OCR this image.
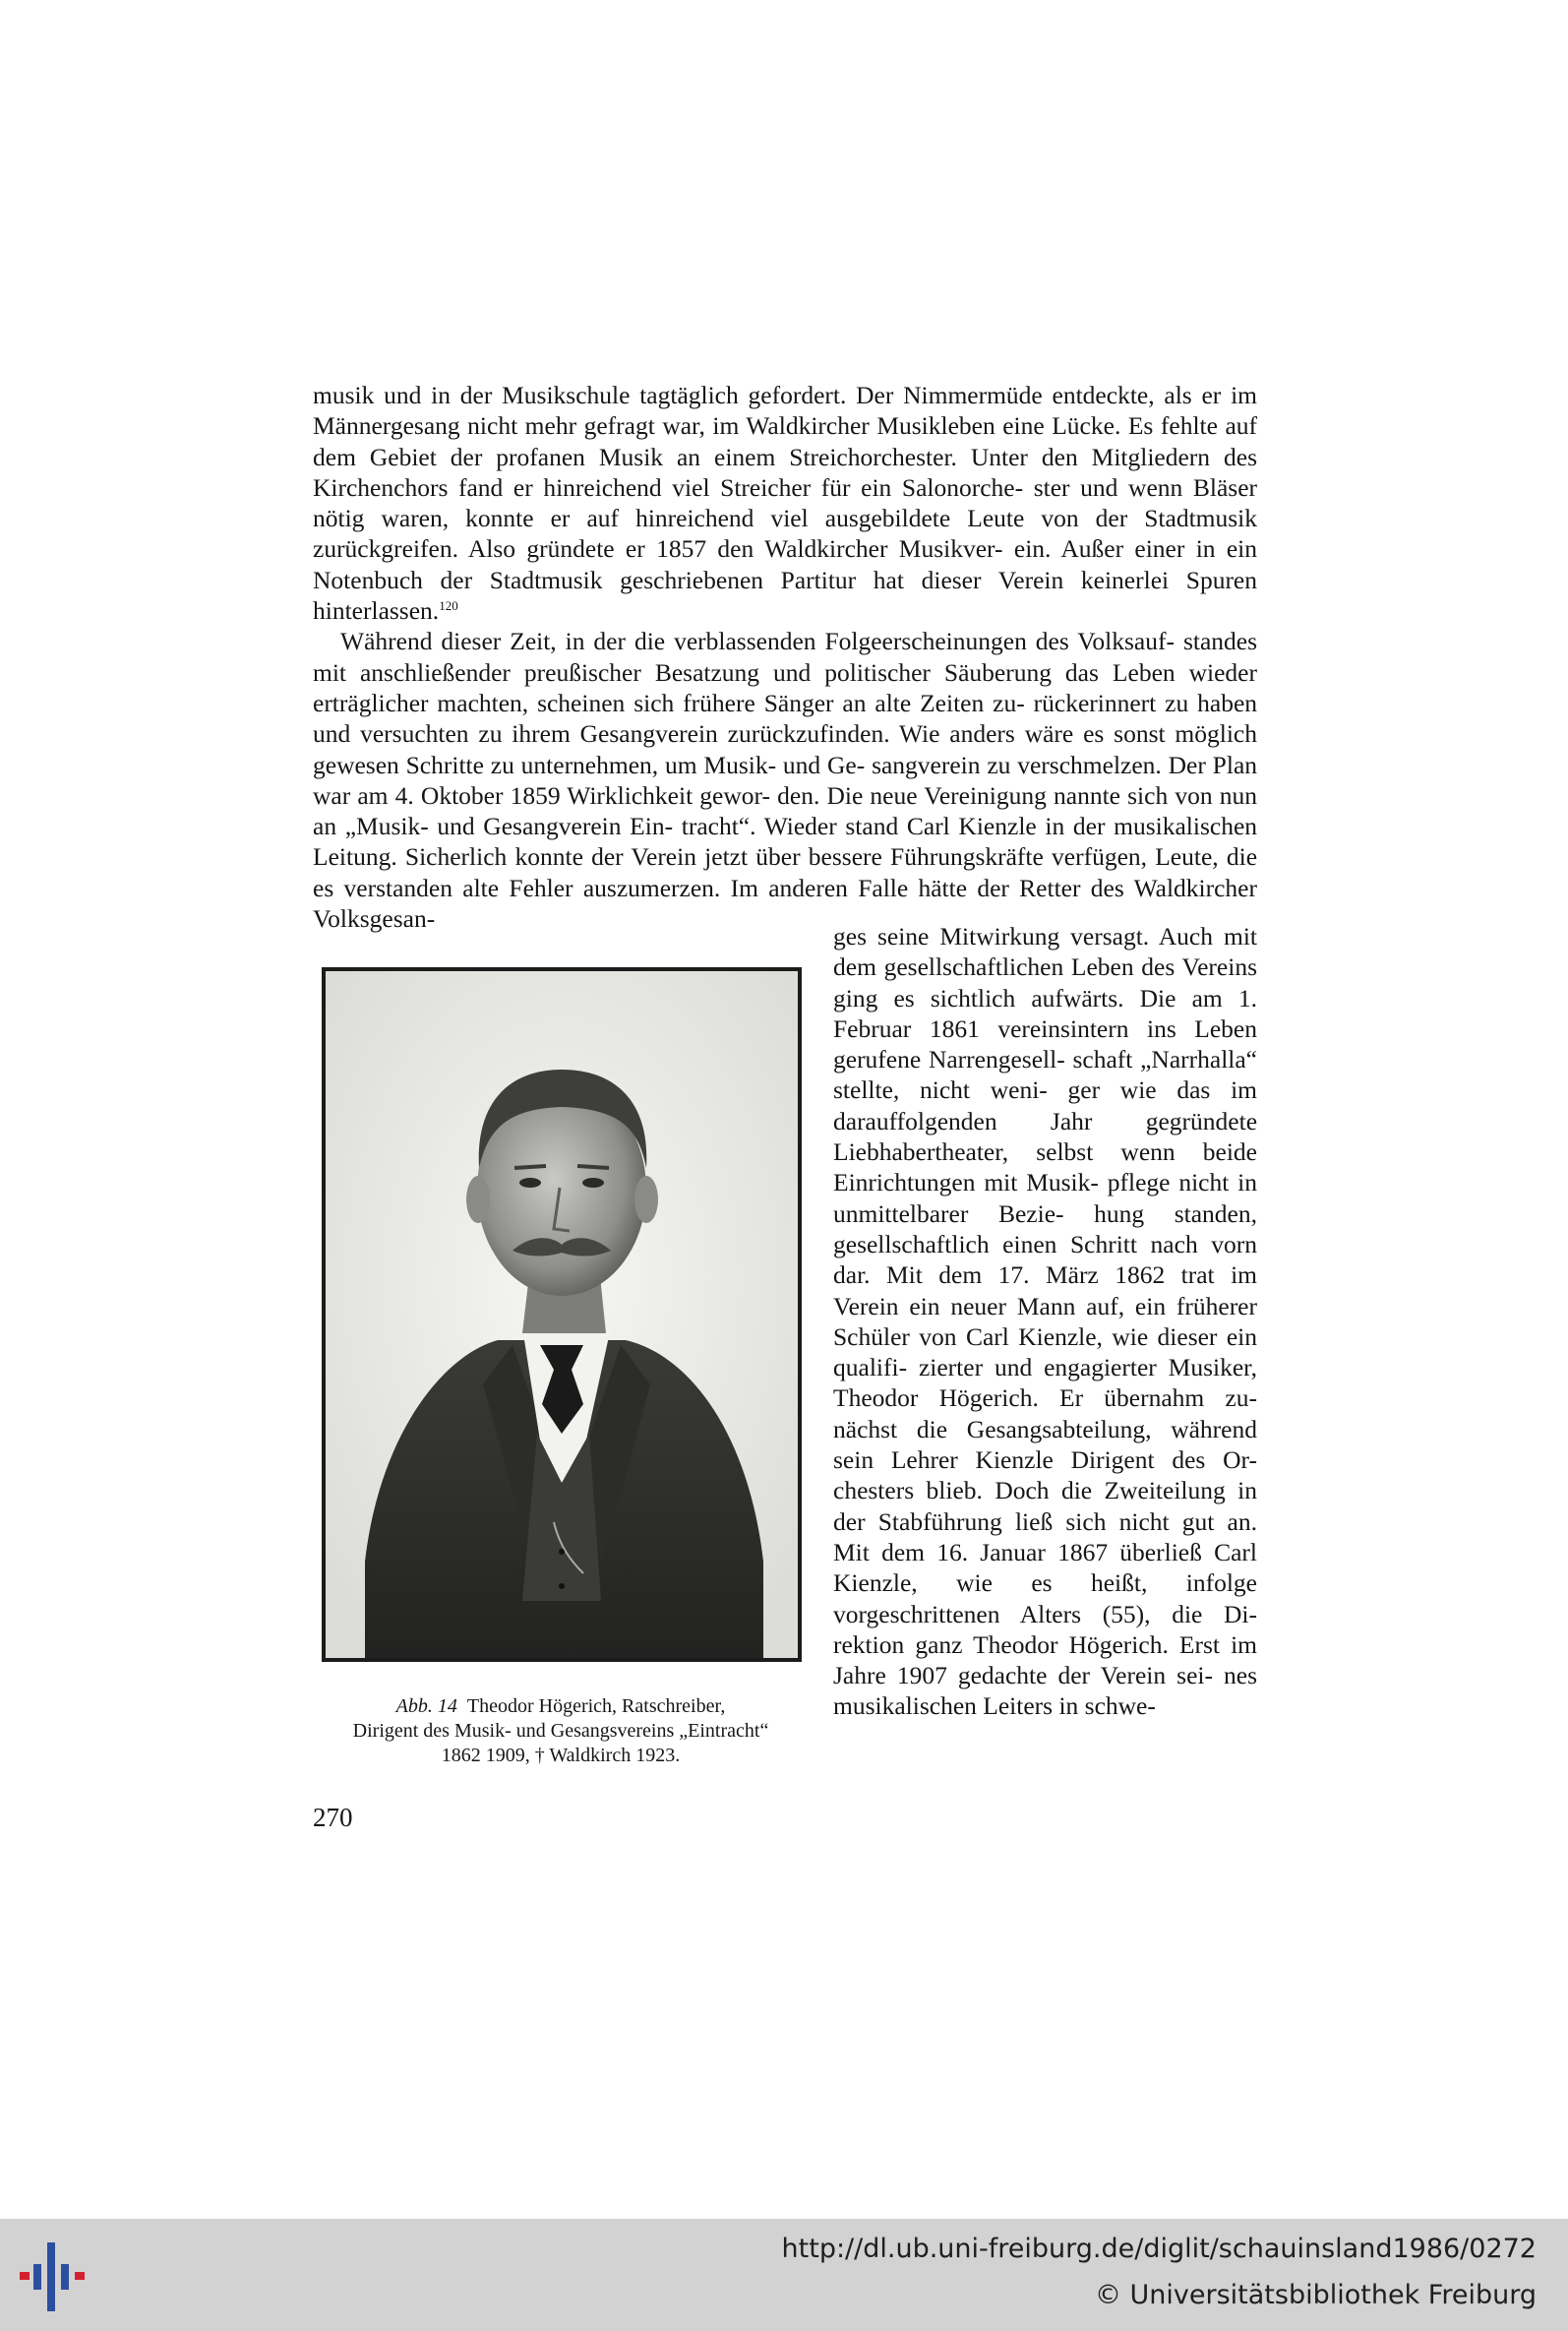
musik und in der Musikschule tagtäglich gefordert. Der Nimmermüde entdeckte, als er im Männergesang nicht mehr gefragt war, im Waldkircher Musikleben eine Lücke. Es fehlte auf dem Gebiet der profanen Musik an einem Streichorchester. Unter den Mitgliedern des Kirchenchors fand er hinreichend viel Streicher für ein Salonorche- ster und wenn Bläser nötig waren, konnte er auf hinreichend viel ausgebildete Leute von der Stadtmusik zurückgreifen. Also gründete er 1857 den Waldkircher Musikver- ein. Außer einer in ein Notenbuch der Stadtmusik geschriebenen Partitur hat dieser Verein keinerlei Spuren hinterlassen.$^{120}$

Während dieser Zeit, in der die verblassenden Folgeerscheinungen des Volksauf- standes mit anschließender preußischer Besatzung und politischer Säuberung das Leben wieder erträglicher machten, scheinen sich frühere Sänger an alte Zeiten zu- rückerinnert zu haben und versuchten zu ihrem Gesangverein zurückzufinden. Wie anders wäre es sonst möglich gewesen Schritte zu unternehmen, um Musik- und Ge- sangverein zu verschmelzen. Der Plan war am 4. Oktober 1859 Wirklichkeit gewor- den. Die neue Vereinigung nannte sich von nun an „Musik- und Gesangverein Ein- tracht“. Wieder stand Carl Kienzle in der musikalischen Leitung. Sicherlich konnte der Verein jetzt über bessere Führungskräfte verfügen, Leute, die es verstanden alte Fehler auszumerzen. Im anderen Falle hätte der Retter des Waldkircher Volksgesan-

ges seine Mitwirkung versagt. Auch mit dem gesellschaftlichen Leben des Vereins ging es sichtlich aufwärts. Die am 1. Februar 1861 vereinsintern ins Leben gerufene Narrengesell- schaft „Narrhalla“ stellte, nicht weni- ger wie das im darauffolgenden Jahr gegründete Liebhabertheater, selbst wenn beide Einrichtungen mit Musik- pflege nicht in unmittelbarer Bezie- hung standen, gesellschaftlich einen Schritt nach vorn dar. Mit dem 17. März 1862 trat im Verein ein neuer Mann auf, ein früherer Schüler von Carl Kienzle, wie dieser ein qualifi- zierter und engagierter Musiker, Theodor Högerich. Er übernahm zu- nächst die Gesangsabteilung, während sein Lehrer Kienzle Dirigent des Or- chesters blieb. Doch die Zweiteilung in der Stabführung ließ sich nicht gut an. Mit dem 16. Januar 1867 überließ Carl Kienzle, wie es heißt, infolge vorgeschrittenen Alters (55), die Di- rektion ganz Theodor Högerich. Erst im Jahre 1907 gedachte der Verein sei- nes musikalischen Leiters in schwe-

Abb. 14 Theodor Högerich, Ratschreiber,

Dirigent des Musik- und Gesangsvereins „Eintracht“

1862 1909, † Waldkirch 1923.

270
http://dl.ub.uni-freiburg.de/diglit/schauinsland1986/0272
© Universitätsbibliothek Freiburg
